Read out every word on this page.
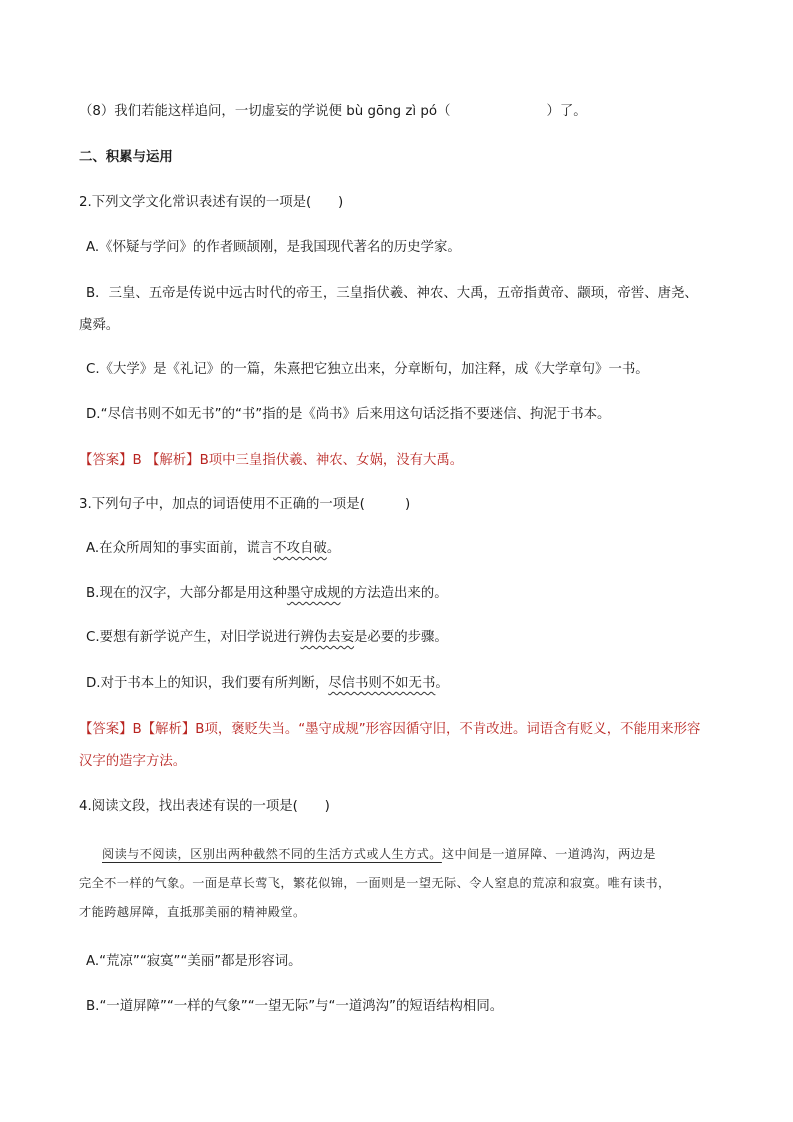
（8）我们若能这样追问，一切虚妄的学说便 bù gōng zì pó（	）了。
二、积累与运用
2.下列文学文化常识表述有误的一项是(　　)
A.《怀疑与学问》的作者顾颉刚，是我国现代著名的历史学家。
B．三皇、五帝是传说中远古时代的帝王，三皇指伏羲、神农、大禹，五帝指黄帝、颛顼，帝喾、唐尧、
虞舜。
C.《大学》是《礼记》的一篇，朱熹把它独立出来，分章断句，加注释，成《大学章句》一书。
D.“尽信书则不如无书”的“书”指的是《尚书》后来用这句话泛指不要迷信、拘泥于书本。
【答案】B 【解析】B项中三皇指伏羲、神农、女娲，没有大禹。
3.下列句子中，加点的词语使用不正确的一项是(　　　)
A.在众所周知的事实面前，谎言不攻自破。
B.现在的汉字，大部分都是用这种墨守成规的方法造出来的。
C.要想有新学说产生，对旧学说进行辨伪去妄是必要的步骤。
D.对于书本上的知识，我们要有所判断，尽信书则不如无书。
【答案】B【解析】B项，褒贬失当。“墨守成规”形容因循守旧，不肯改进。词语含有贬义，不能用来形容
汉字的造字方法。
4.阅读文段，找出表述有误的一项是(　　)
阅读与不阅读，区别出两种截然不同的生活方式或人生方式。这中间是一道屏障、一道鸿沟，两边是
完全不一样的气象。一面是草长莺飞，繁花似锦，一面则是一望无际、令人窒息的荒凉和寂寞。唯有读书，
才能跨越屏障，直抵那美丽的精神殿堂。
A.“荒凉”“寂寞”“美丽”都是形容词。
B.“一道屏障”“一样的气象”“一望无际”与“一道鸿沟”的短语结构相同。
